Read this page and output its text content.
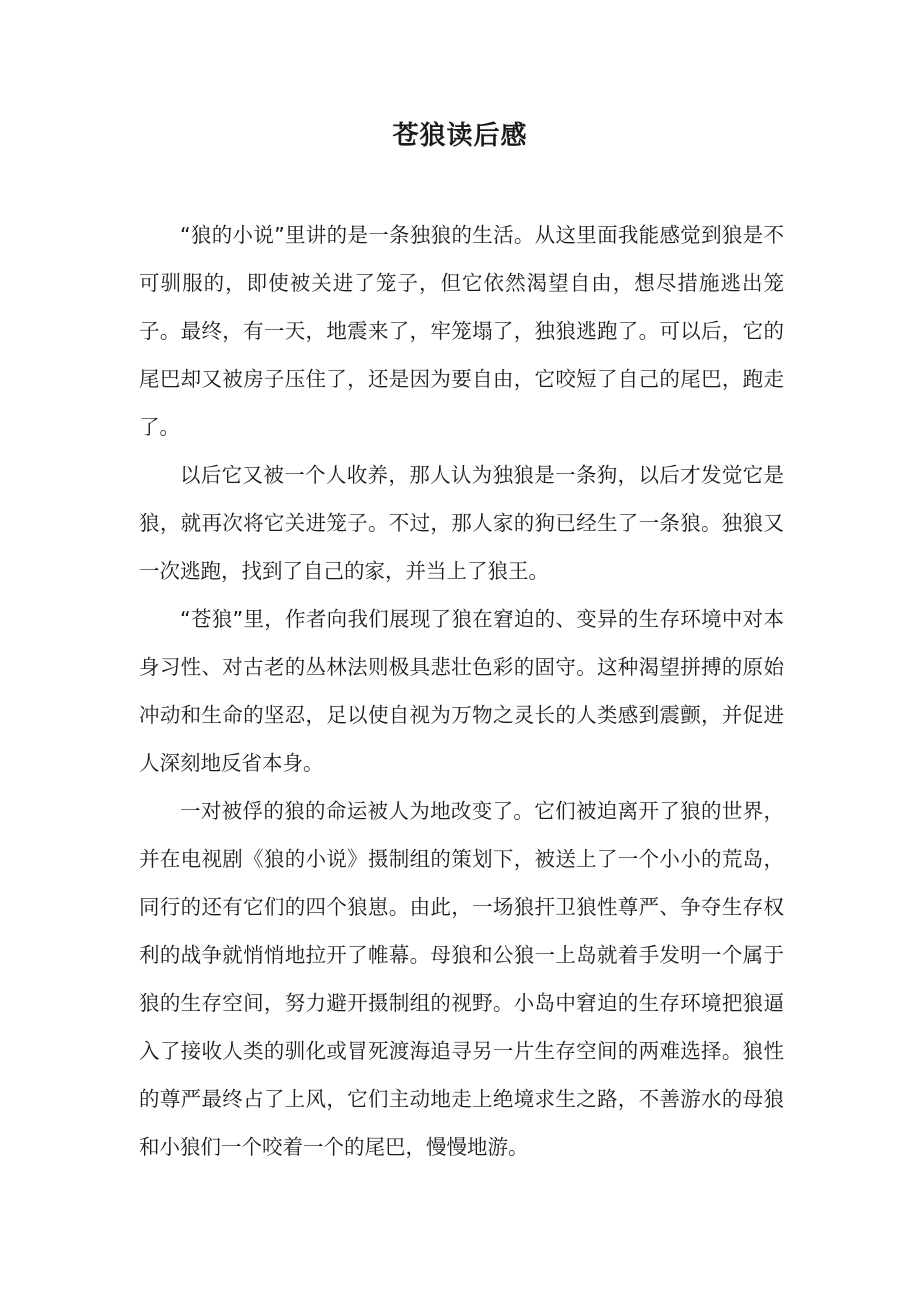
苍狼读后感

“狼的小说”里讲的是一条独狼的生活。从这里面我能感觉到狼是不可驯服的，即使被关进了笼子，但它依然渴望自由，想尽措施逃出笼子。最终，有一天，地震来了，牢笼塌了，独狼逃跑了。可以后，它的尾巴却又被房子压住了，还是因为要自由，它咬短了自己的尾巴，跑走了。

以后它又被一个人收养，那人认为独狼是一条狗，以后才发觉它是狼，就再次将它关进笼子。不过，那人家的狗已经生了一条狼。独狼又一次逃跑，找到了自己的家，并当上了狼王。

“苍狼”里，作者向我们展现了狼在窘迫的、变异的生存环境中对本身习性、对古老的丛林法则极具悲壮色彩的固守。这种渴望拼搏的原始冲动和生命的坚忍，足以使自视为万物之灵长的人类感到震颤，并促进人深刻地反省本身。

一对被俘的狼的命运被人为地改变了。它们被迫离开了狼的世界，并在电视剧《狼的小说》摄制组的策划下，被送上了一个小小的荒岛，同行的还有它们的四个狼崽。由此，一场狼扞卫狼性尊严、争夺生存权利的战争就悄悄地拉开了帷幕。母狼和公狼一上岛就着手发明一个属于狼的生存空间，努力避开摄制组的视野。小岛中窘迫的生存环境把狼逼入了接收人类的驯化或冒死渡海追寻另一片生存空间的两难选择。狼性的尊严最终占了上风，它们主动地走上绝境求生之路，不善游水的母狼和小狼们一个咬着一个的尾巴，慢慢地游。
